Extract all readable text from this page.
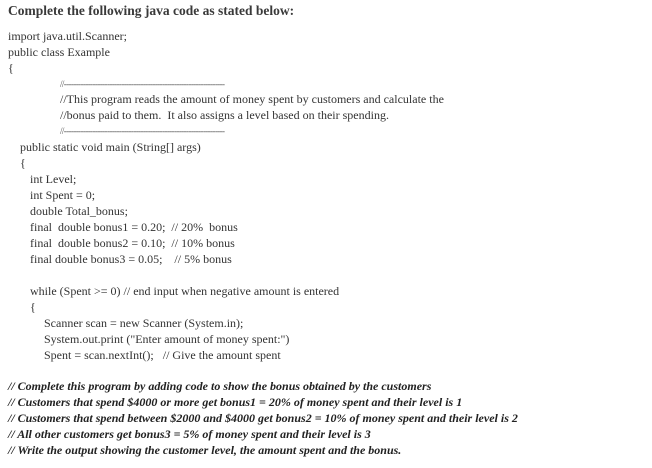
Complete the following java code as stated below:
import java.util.Scanner;
public class Example
{
//-------------------------------------------------------------------
//This program reads the amount of money spent by customers and calculate the
//bonus paid to them.  It also assigns a level based on their spending.
//-------------------------------------------------------------------
public static void main (String[] args)
{
int Level;
int Spent = 0;
double Total_bonus;
final  double bonus1 = 0.20;  // 20%  bonus
final  double bonus2 = 0.10;  // 10% bonus
final double bonus3 = 0.05;    // 5% bonus
while (Spent >= 0) // end input when negative amount is entered
{
Scanner scan = new Scanner (System.in);
System.out.print ("Enter amount of money spent:")
Spent = scan.nextInt();   // Give the amount spent
// Complete this program by adding code to show the bonus obtained by the customers
// Customers that spend $4000 or more get bonus1 = 20% of money spent and their level is 1
// Customers that spend between $2000 and $4000 get bonus2 = 10% of money spent and their level is 2
// All other customers get bonus3 = 5% of money spent and their level is 3
// Write the output showing the customer level, the amount spent and the bonus.
